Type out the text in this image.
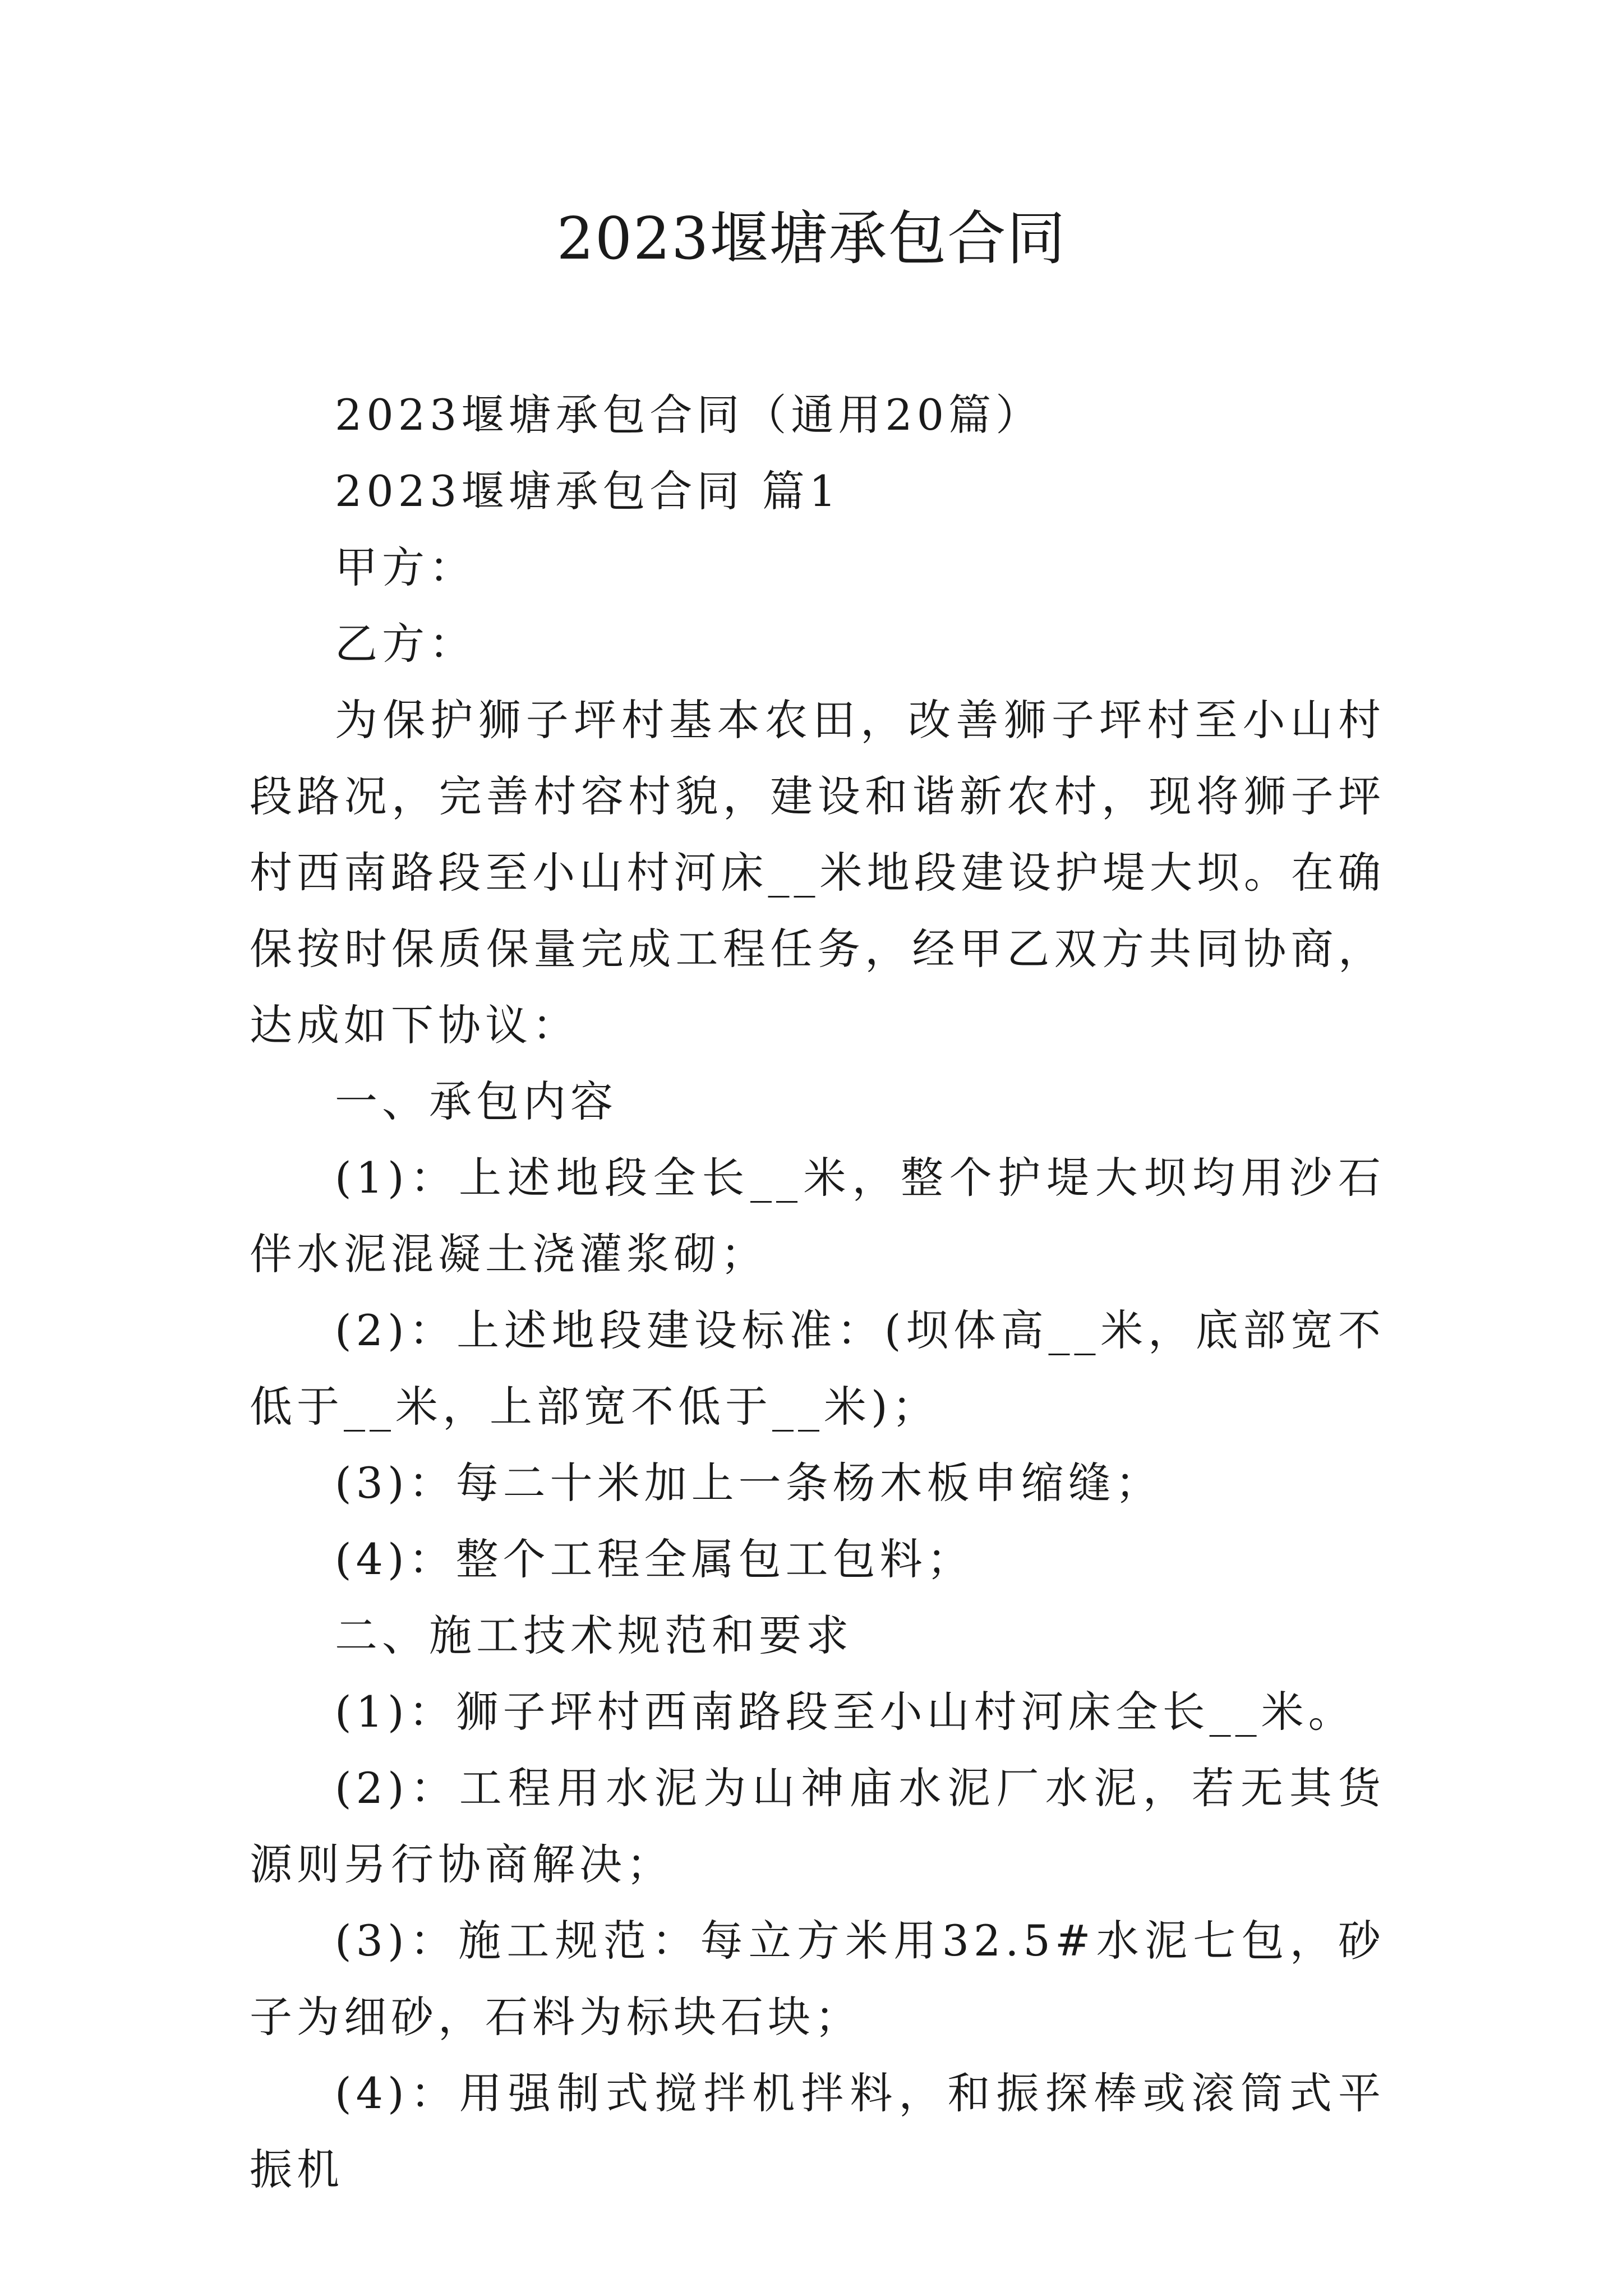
2023堰塘承包合同

2023堰塘承包合同（通用20篇）

2023堰塘承包合同 篇1

甲方：

乙方：

为保护狮子坪村基本农田，改善狮子坪村至小山村段路况，完善村容村貌，建设和谐新农村，现将狮子坪村西南路段至小山村河床__米地段建设护堤大坝。在确保按时保质保量完成工程任务，经甲乙双方共同协商，达成如下协议：

一、承包内容

(1)：上述地段全长__米，整个护堤大坝均用沙石伴水泥混凝土浇灌浆砌；

(2)：上述地段建设标准：(坝体高__米，底部宽不低于__米，上部宽不低于__米)；

(3)：每二十米加上一条杨木板申缩缝；

(4)：整个工程全属包工包料；

二、施工技术规范和要求

(1)：狮子坪村西南路段至小山村河床全长__米。

(2)：工程用水泥为山神庙水泥厂水泥，若无其货源则另行协商解决；

(3)：施工规范：每立方米用32.5#水泥七包，砂子为细砂，石料为标块石块；

(4)：用强制式搅拌机拌料，和振探棒或滚筒式平振机
